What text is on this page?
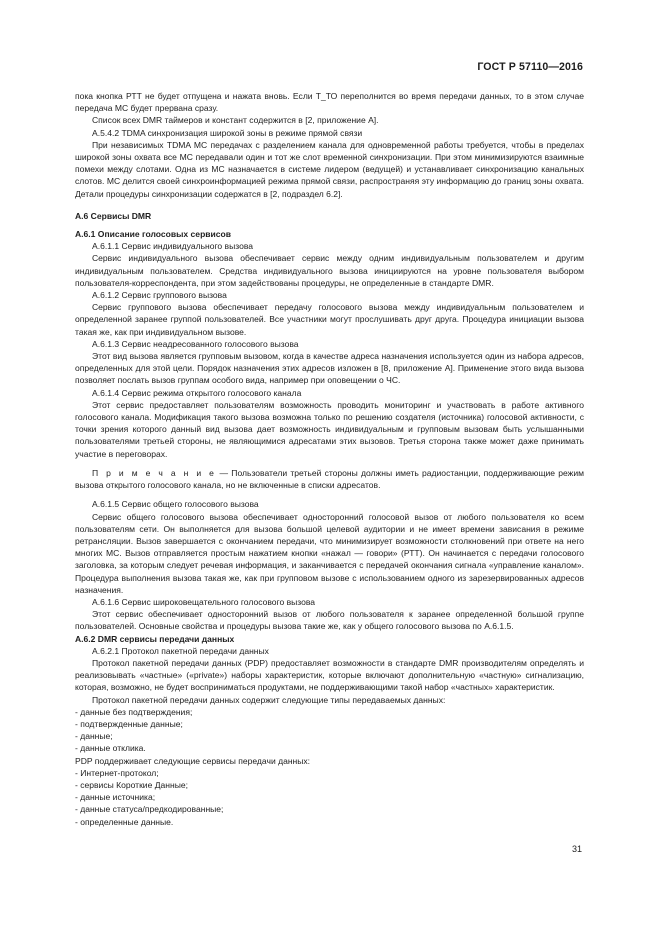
ГОСТ Р 57110—2016

пока кнопка РТТ не будет отпущена и нажата вновь. Если Т_ТО переполнится во время передачи данных, то в этом случае передача МС будет прервана сразу.

Список всех DMR таймеров и констант содержится в [2, приложение А].

А.5.4.2 TDMA синхронизация широкой зоны в режиме прямой связи

При независимых TDMA МС передачах с разделением канала для одновременной работы требуется, чтобы в пределах широкой зоны охвата все МС передавали один и тот же слот временной синхронизации. При этом минимизируются взаимные помехи между слотами. Одна из МС назначается в системе лидером (ведущей) и устанавливает синхронизацию канальных слотов. МС делится своей синхроинформацией режима прямой связи, распространяя эту информацию до границ зоны охвата. Детали процедуры синхронизации содержатся в [2, подраздел 6.2].

А.6 Сервисы DMR

А.6.1 Описание голосовых сервисов

А.6.1.1 Сервис индивидуального вызова

Сервис индивидуального вызова обеспечивает сервис между одним индивидуальным пользователем и другим индивидуальным пользователем. Средства индивидуального вызова инициируются на уровне пользователя выбором пользователя-корреспондента, при этом задействованы процедуры, не определенные в стандарте DMR.

А.6.1.2 Сервис группового вызова

Сервис группового вызова обеспечивает передачу голосового вызова между индивидуальным пользователем и определенной заранее группой пользователей. Все участники могут прослушивать друг друга. Процедура инициации вызова такая же, как при индивидуальном вызове.

А.6.1.3 Сервис неадресованного голосового вызова

Этот вид вызова является групповым вызовом, когда в качестве адреса назначения используется один из набора адресов, определенных для этой цели. Порядок назначения этих адресов изложен в [8, приложение А]. Применение этого вида вызова позволяет послать вызов группам особого вида, например при оповещении о ЧС.

А.6.1.4 Сервис режима открытого голосового канала

Этот сервис предоставляет пользователям возможность проводить мониторинг и участвовать в работе активного голосового канала. Модификация такого вызова возможна только по решению создателя (источника) голосовой активности, с точки зрения которого данный вид вызова дает возможность индивидуальным и групповым вызовам быть услышанными пользователями третьей стороны, не являющимися адресатами этих вызовов. Третья сторона также может даже принимать участие в переговорах.

П р и м е ч а н и е — Пользователи третьей стороны должны иметь радиостанции, поддерживающие режим вызова открытого голосового канала, но не включенные в списки адресатов.

А.6.1.5 Сервис общего голосового вызова

Сервис общего голосового вызова обеспечивает односторонний голосовой вызов от любого пользователя ко всем пользователям сети. Он выполняется для вызова большой целевой аудитории и не имеет времени зависания в режиме ретрансляции. Вызов завершается с окончанием передачи, что минимизирует возможности столкновений при ответе на него многих МС. Вызов отправляется простым нажатием кнопки «нажал — говори» (РТТ). Он начинается с передачи голосового заголовка, за которым следует речевая информация, и заканчивается с передачей окончания сигнала «управление каналом». Процедура выполнения вызова такая же, как при групповом вызове с использованием одного из зарезервированных адресов назначения.

А.6.1.6 Сервис широковещательного голосового вызова

Этот сервис обеспечивает односторонний вызов от любого пользователя к заранее определенной большой группе пользователей. Основные свойства и процедуры вызова такие же, как у общего голосового вызова по А.6.1.5.

А.6.2 DMR сервисы передачи данных

А.6.2.1 Протокол пакетной передачи данных

Протокол пакетной передачи данных (PDP) предоставляет возможности в стандарте DMR производителям определять и реализовывать «частные» («private») наборы характеристик, которые включают дополнительную «частную» сигнализацию, которая, возможно, не будет восприниматься продуктами, не поддерживающими такой набор «частных» характеристик.

Протокол пакетной передачи данных содержит следующие типы передаваемых данных:

- данные без подтверждения;

- подтвержденные данные;

- данные;

- данные отклика.

PDP поддерживает следующие сервисы передачи данных:

- Интернет-протокол;

- сервисы Короткие Данные;

- данные источника;

- данные статуса/предкодированные;

- определенные данные.

31
